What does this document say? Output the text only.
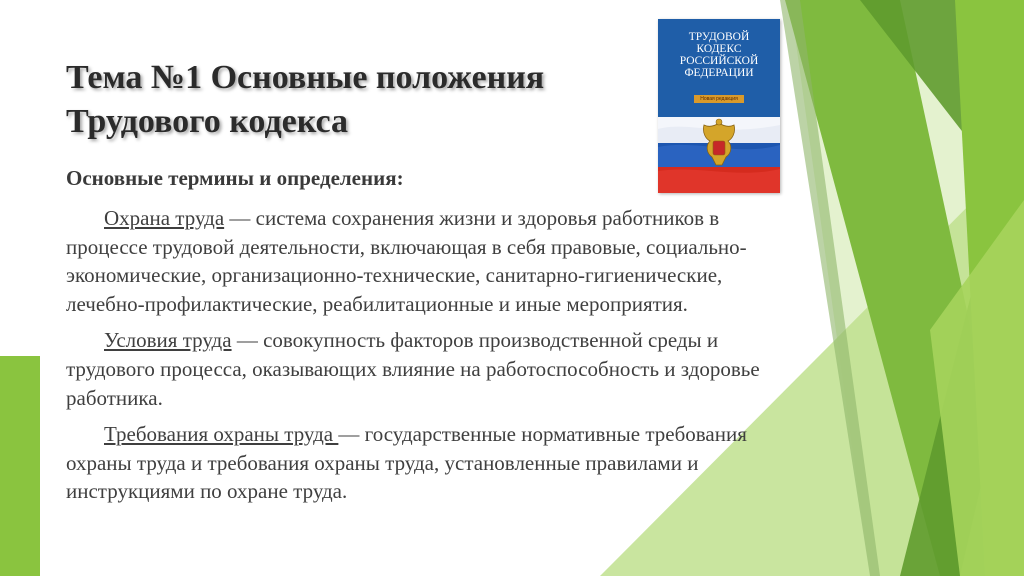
Тема №1 Основные положения
Трудового кодекса

Основные термины и определения:

Охрана труда — система сохранения жизни и здоровья работников в процессе трудовой деятельности, включающая в себя правовые, социально-экономические, организационно-технические, санитарно-гигиенические, лечебно-профилактические, реабилитационные и иные мероприятия.

Условия труда — совокупность факторов производственной среды и трудового процесса, оказывающих влияние на работоспособность и здоровье работника.

Требования охраны труда — государственные нормативные требования охраны труда и требования охраны труда, установленные правилами и инструкциями по охране труда.

ТРУДОВОЙ
КОДЕКС
РОССИЙСКОЙ
ФЕДЕРАЦИИ

Новая редакция
